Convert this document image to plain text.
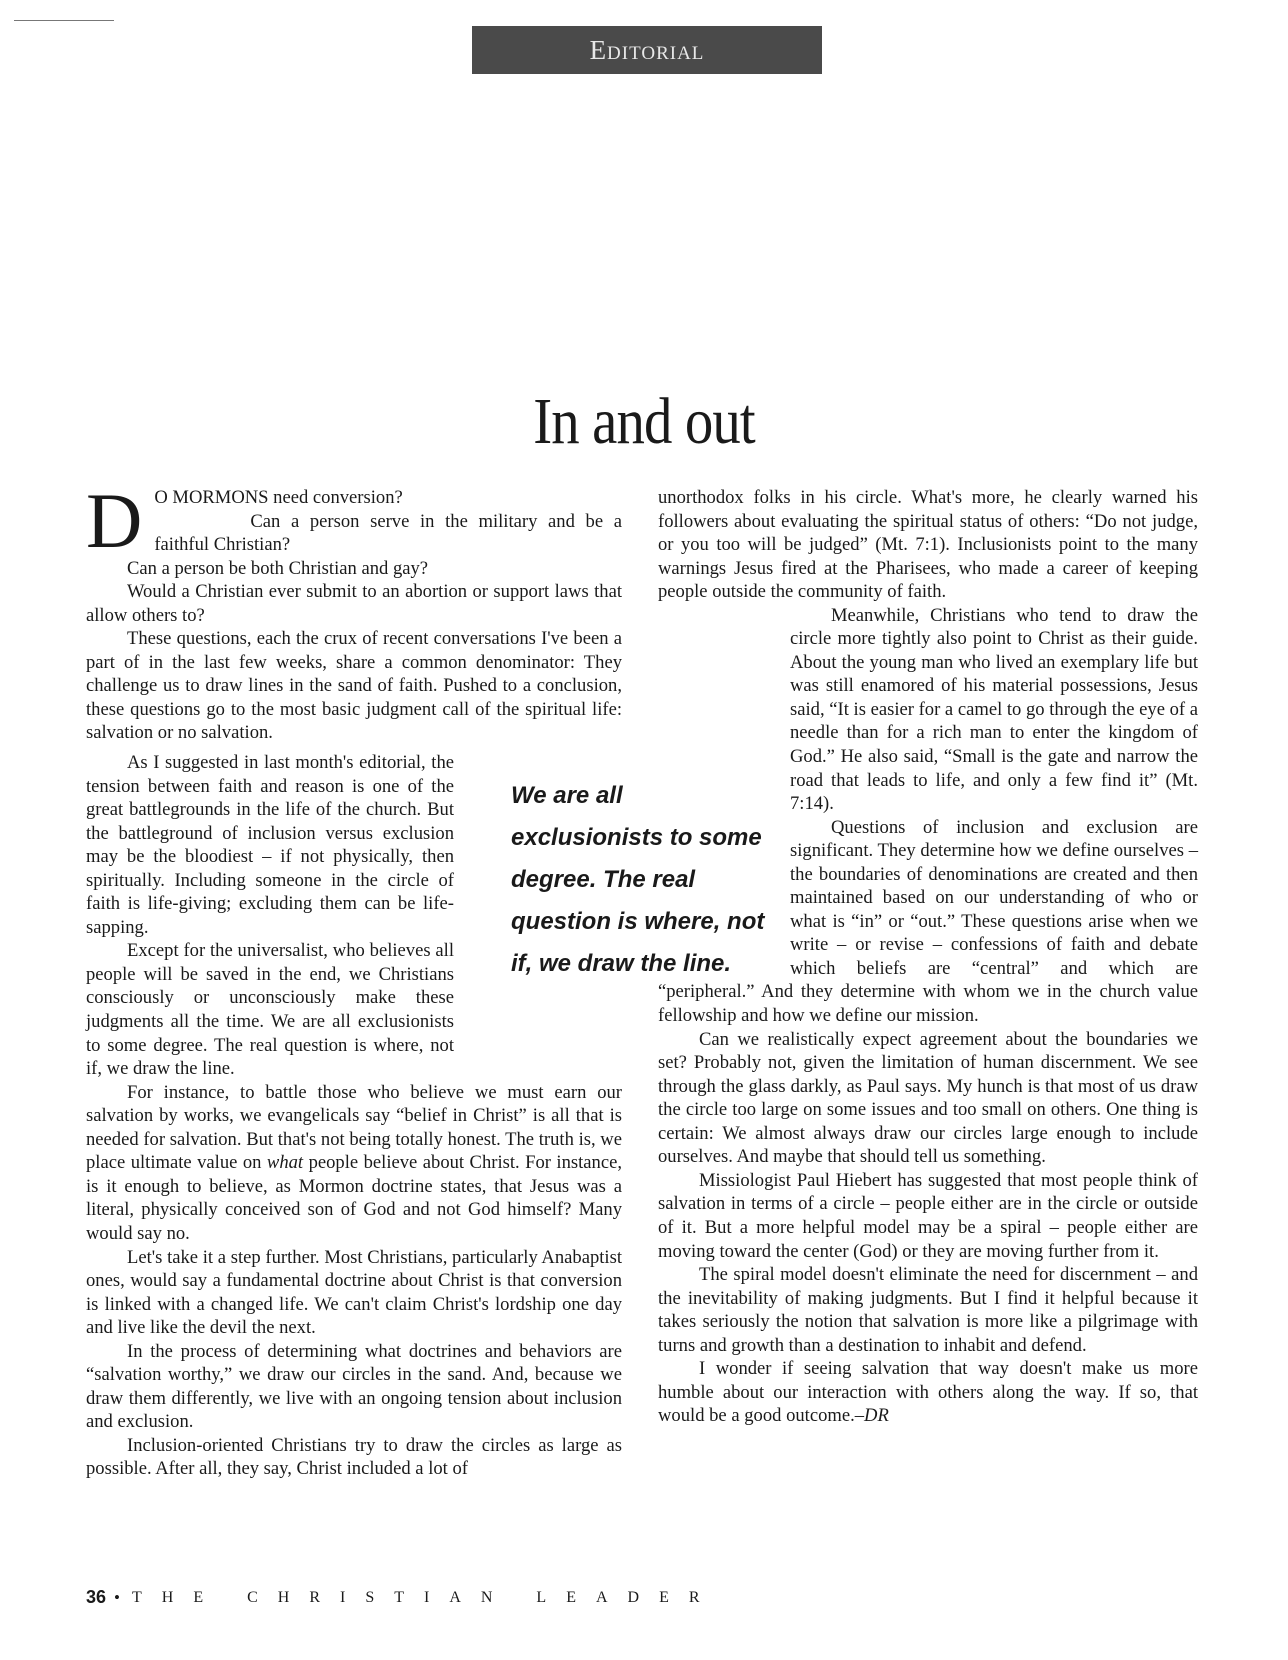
Editorial
In and out
D O MORMONS need conversion?

Can a person serve in the military and be a faithful Christian?

Can a person be both Christian and gay?

Would a Christian ever submit to an abortion or support laws that allow others to?

These questions, each the crux of recent conversations I've been a part of in the last few weeks, share a common denominator: They challenge us to draw lines in the sand of faith. Pushed to a conclusion, these questions go to the most basic judgment call of the spiritual life: salvation or no salvation.

As I suggested in last month's editorial, the tension between faith and reason is one of the great battlegrounds in the life of the church. But the battleground of inclusion versus exclusion may be the bloodiest – if not physically, then spiritually. Including someone in the circle of faith is life-giving; excluding them can be life-sapping.

Except for the universalist, who believes all people will be saved in the end, we Christians consciously or unconsciously make these judgments all the time. We are all exclusionists to some degree. The real question is where, not if, we draw the line.

For instance, to battle those who believe we must earn our salvation by works, we evangelicals say “belief in Christ” is all that is needed for salvation. But that's not being totally honest. The truth is, we place ultimate value on what people believe about Christ. For instance, is it enough to believe, as Mormon doctrine states, that Jesus was a literal, physically conceived son of God and not God himself? Many would say no.

Let's take it a step further. Most Christians, particularly Anabaptist ones, would say a fundamental doctrine about Christ is that conversion is linked with a changed life. We can't claim Christ's lordship one day and live like the devil the next.

In the process of determining what doctrines and behaviors are “salvation worthy,” we draw our circles in the sand. And, because we draw them differently, we live with an ongoing tension about inclusion and exclusion.

Inclusion-oriented Christians try to draw the circles as large as possible. After all, they say, Christ included a lot of

We are all exclusionists to some degree. The real question is where, not if, we draw the line.

unorthodox folks in his circle. What's more, he clearly warned his followers about evaluating the spiritual status of others: “Do not judge, or you too will be judged” (Mt. 7:1). Inclusionists point to the many warnings Jesus fired at the Pharisees, who made a career of keeping people outside the community of faith.

Meanwhile, Christians who tend to draw the circle more tightly also point to Christ as their guide. About the young man who lived an exemplary life but was still enamored of his material possessions, Jesus said, “It is easier for a camel to go through the eye of a needle than for a rich man to enter the kingdom of God.” He also said, “Small is the gate and narrow the road that leads to life, and only a few find it” (Mt. 7:14).

Questions of inclusion and exclusion are significant. They determine how we define ourselves – the boundaries of denominations are created and then maintained based on our understanding of who or what is “in” or “out.” These questions arise when we write – or revise – confessions of faith and debate which beliefs are “central” and which are “peripheral.” And they determine with whom we in the church value fellowship and how we define our mission.

Can we realistically expect agreement about the boundaries we set? Probably not, given the limitation of human discernment. We see through the glass darkly, as Paul says. My hunch is that most of us draw the circle too large on some issues and too small on others. One thing is certain: We almost always draw our circles large enough to include ourselves. And maybe that should tell us something.

Missiologist Paul Hiebert has suggested that most people think of salvation in terms of a circle – people either are in the circle or outside of it. But a more helpful model may be a spiral – people either are moving toward the center (God) or they are moving further from it.

The spiral model doesn't eliminate the need for discernment – and the inevitability of making judgments. But I find it helpful because it takes seriously the notion that salvation is more like a pilgrimage with turns and growth than a destination to inhabit and defend.

I wonder if seeing salvation that way doesn't make us more humble about our interaction with others along the way. If so, that would be a good outcome.–DR

36 • THE CHRISTIAN LEADER
